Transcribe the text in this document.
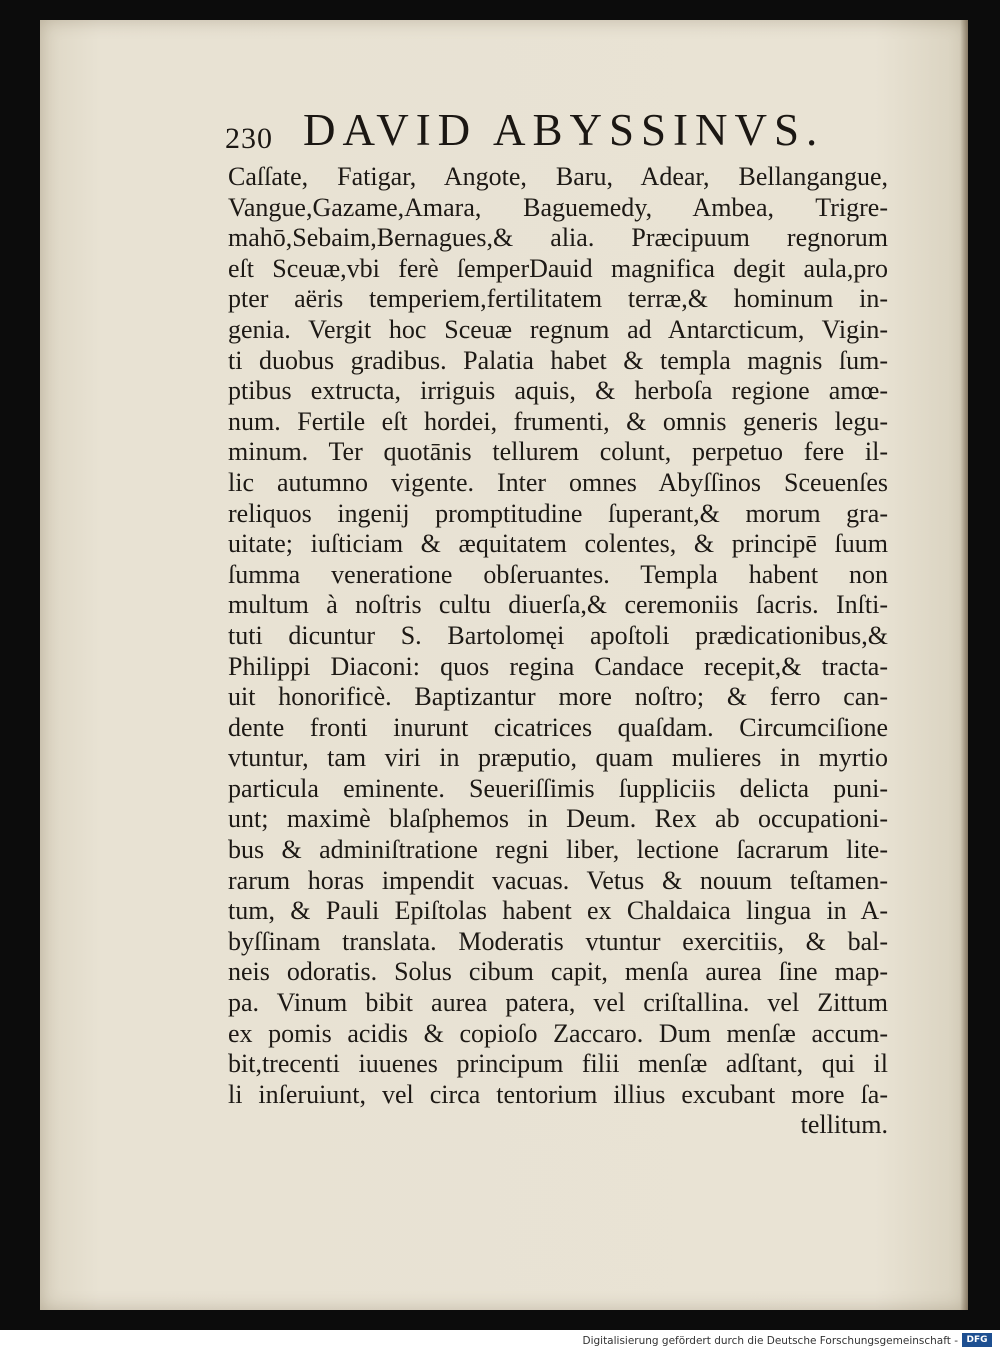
230 DAVID ABYSSINVS.
Caſſate, Fatigar, Angote, Baru, Adear, Bellangangue,
Vangue,Gazame,Amara, Baguemedy, Ambea, Trigre-
mahō,Sebaim,Bernagues,& alia. Præcipuum regnorum
eſt Sceuæ,vbi ferè ſemperDauid magnifica degit aula,pro
pter aëris temperiem,fertilitatem terræ,& hominum in-
genia. Vergit hoc Sceuæ regnum ad Antarcticum, Vigin-
ti duobus gradibus. Palatia habet & templa magnis ſum-
ptibus extructa, irriguis aquis, & herboſa regione amœ-
num. Fertile eſt hordei, frumenti, & omnis generis legu-
minum. Ter quotānis tellurem colunt, perpetuo fere il-
lic autumno vigente. Inter omnes Abyſſinos Sceuenſes
reliquos ingenij promptitudine ſuperant,& morum gra-
uitate; iuſticiam & æquitatem colentes, & principē ſuum
ſumma veneratione obſeruantes. Templa habent non
multum à noſtris cultu diuerſa,& ceremoniis ſacris. Inſti-
tuti dicuntur S. Bartolomęi apoſtoli prædicationibus,&
Philippi Diaconi: quos regina Candace recepit,& tracta-
uit honorificè. Baptizantur more noſtro; & ferro can-
dente fronti inurunt cicatrices quaſdam. Circumciſione
vtuntur, tam viri in præputio, quam mulieres in myrtio
particula eminente. Seueriſſimis ſuppliciis delicta puni-
unt; maximè blaſphemos in Deum. Rex ab occupationi-
bus & adminiſtratione regni liber, lectione ſacrarum lite-
rarum horas impendit vacuas. Vetus & nouum teſtamen-
tum, & Pauli Epiſtolas habent ex Chaldaica lingua in A-
byſſinam translata. Moderatis vtuntur exercitiis, & bal-
neis odoratis. Solus cibum capit, menſa aurea ſine map-
pa. Vinum bibit aurea patera, vel criſtallina. vel Zittum
ex pomis acidis & copioſo Zaccaro. Dum menſæ accum-
bit,trecenti iuuenes principum filii menſæ adſtant, qui il
li inſeruiunt, vel circa tentorium illius excubant more ſa-
tellitum.
Digitalisierung gefördert durch die Deutsche Forschungsgemeinschaft - DFG
